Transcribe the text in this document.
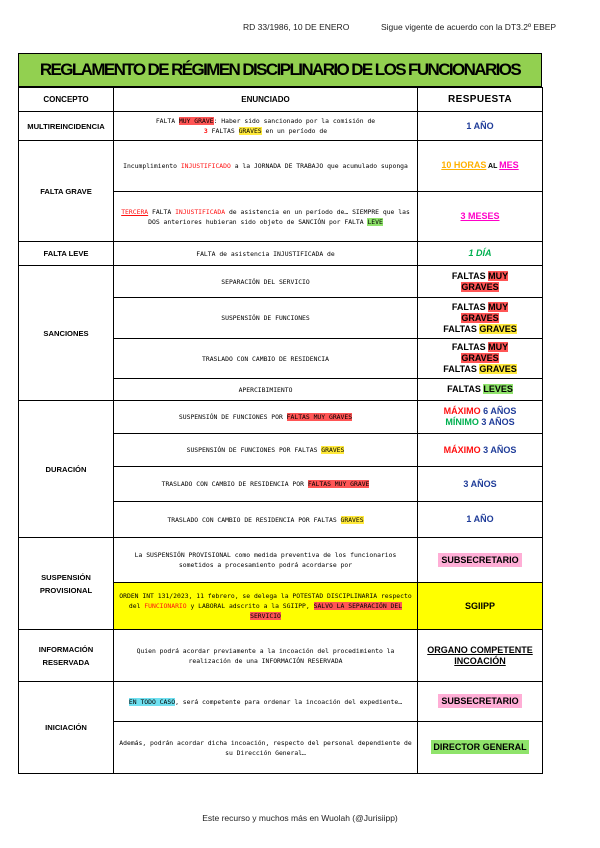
RD 33/1986, 10 DE ENERO	Sigue vigente de acuerdo con la DT3.2º EBEP
REGLAMENTO DE RÉGIMEN DISCIPLINARIO DE LOS FUNCIONARIOS
CONCEPTO	ENUNCIADO	RESPUESTA
MULTIREINCIDENCIA	FALTA MUY GRAVE: Haber sido sancionado por la comisión de
3 FALTAS GRAVES en un período de	1 AÑO
FALTA GRAVE	Incumplimiento INJUSTIFICADO a la JORNADA DE TRABAJO que acumulado suponga	10 HORAS AL MES
	TERCERA FALTA INJUSTIFICADA de asistencia en un período de… SIEMPRE que las DOS anteriores hubieran sido objeto de SANCIÓN por FALTA LEVE	3 MESES
FALTA LEVE	FALTA de asistencia INJUSTIFICADA de	1 DÍA
SANCIONES	SEPARACIÓN DEL SERVICIO	FALTAS MUY
GRAVES
	SUSPENSIÓN DE FUNCIONES	FALTAS MUY
GRAVES
FALTAS GRAVES
	TRASLADO CON CAMBIO DE RESIDENCIA	FALTAS MUY
GRAVES
FALTAS GRAVES
	APERCIBIMIENTO	FALTAS LEVES
DURACIÓN	SUSPENSIÓN DE FUNCIONES POR FALTAS MUY GRAVES	MÁXIMO 6 AÑOS
MÍNIMO 3 AÑOS
	SUSPENSIÓN DE FUNCIONES POR FALTAS GRAVES	MÁXIMO 3 AÑOS
	TRASLADO CON CAMBIO DE RESIDENCIA POR FALTAS MUY GRAVE	3 AÑOS
	TRASLADO CON CAMBIO DE RESIDENCIA POR FALTAS GRAVES	1 AÑO
SUSPENSIÓN PROVISIONAL	La SUSPENSIÓN PROVISIONAL como medida preventiva de los funcionarios sometidos a procesamiento podrá acordarse por	SUBSECRETARIO
	ORDEN INT 131/2023, 11 febrero, se delega la POTESTAD DISCIPLINARIA respecto del FUNCIONARIO y LABORAL adscrito a la SGIIPP, SALVO LA SEPARACIÓN DEL SERVICIO	SGIIPP
INFORMACIÓN RESERVADA	Quien podrá acordar previamente a la incoación del procedimiento la realización de una INFORMACIÓN RESERVADA	ORGANO COMPETENTE INCOACIÓN
INICIACIÓN	EN TODO CASO, será competente para ordenar la incoación del expediente…	SUBSECRETARIO
	Además, podrán acordar dicha incoación, respecto del personal dependiente de su Dirección General…	DIRECTOR GENERAL
Este recurso y muchos más en Wuolah (@Jurisiipp)
